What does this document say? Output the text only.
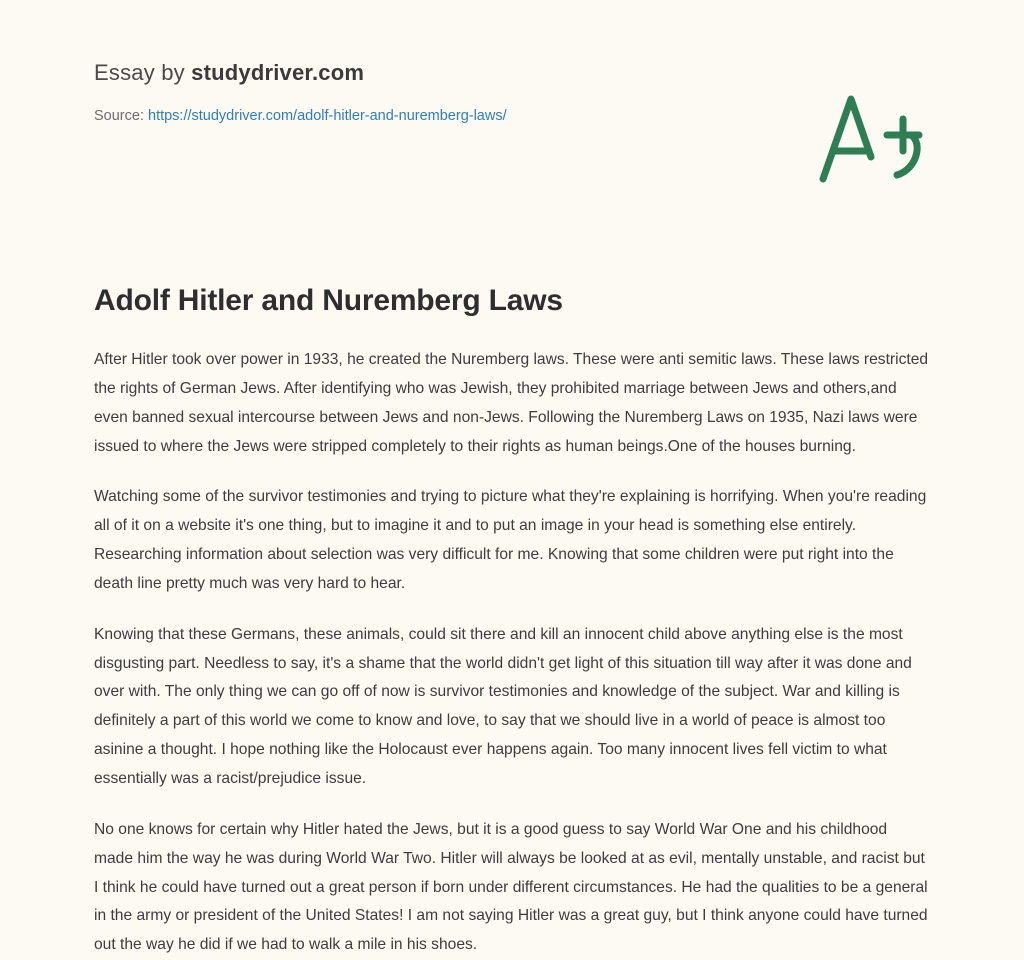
Essay by studydriver.com

Source: https://studydriver.com/adolf-hitler-and-nuremberg-laws/

Adolf Hitler and Nuremberg Laws

After Hitler took over power in 1933, he created the Nuremberg laws. These were anti semitic laws. These laws restricted the rights of German Jews. After identifying who was Jewish, they prohibited marriage between Jews and others,and even banned sexual intercourse between Jews and non-Jews. Following the Nuremberg Laws on 1935, Nazi laws were issued to where the Jews were stripped completely to their rights as human beings.One of the houses burning.

Watching some of the survivor testimonies and trying to picture what they're explaining is horrifying. When you're reading all of it on a website it's one thing, but to imagine it and to put an image in your head is something else entirely. Researching information about selection was very difficult for me. Knowing that some children were put right into the death line pretty much was very hard to hear.

Knowing that these Germans, these animals, could sit there and kill an innocent child above anything else is the most disgusting part. Needless to say, it's a shame that the world didn't get light of this situation till way after it was done and over with. The only thing we can go off of now is survivor testimonies and knowledge of the subject. War and killing is definitely a part of this world we come to know and love, to say that we should live in a world of peace is almost too asinine a thought. I hope nothing like the Holocaust ever happens again. Too many innocent lives fell victim to what essentially was a racist/prejudice issue.

No one knows for certain why Hitler hated the Jews, but it is a good guess to say World War One and his childhood made him the way he was during World War Two. Hitler will always be looked at as evil, mentally unstable, and racist but I think he could have turned out a great person if born under different circumstances. He had the qualities to be a general in the army or president of the United States! I am not saying Hitler was a great guy, but I think anyone could have turned out the way he did if we had to walk a mile in his shoes.
